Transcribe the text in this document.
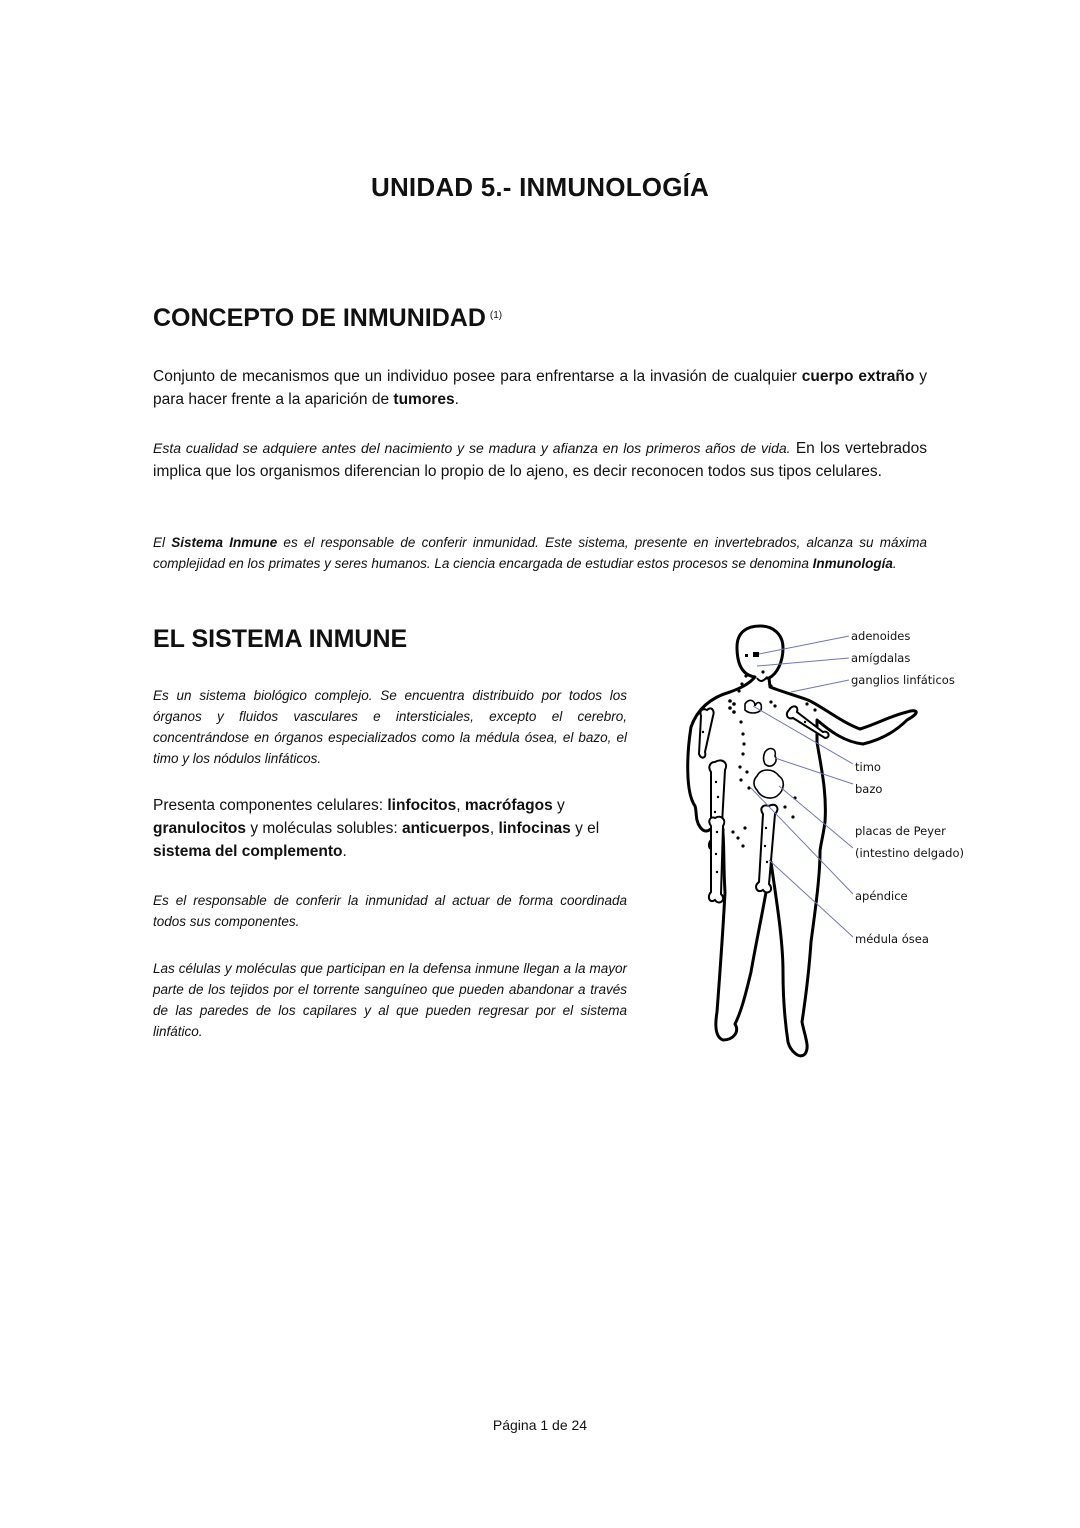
UNIDAD 5.- INMUNOLOGÍA
CONCEPTO DE INMUNIDAD $^{(1)}$

Conjunto de mecanismos que un individuo posee para enfrentarse a la invasión de cualquier cuerpo extraño y para hacer frente a la aparición de tumores.

Esta cualidad se adquiere antes del nacimiento y se madura y afianza en los primeros años de vida. En los vertebrados implica que los organismos diferencian lo propio de lo ajeno, es decir reconocen todos sus tipos celulares.

El Sistema Inmune es el responsable de conferir inmunidad. Este sistema, presente en invertebrados, alcanza su máxima complejidad en los primates y seres humanos. La ciencia encargada de estudiar estos procesos se denomina Inmunología.

EL SISTEMA INMUNE

Es un sistema biológico complejo. Se encuentra distribuido por todos los órganos y fluidos vasculares e intersticiales, excepto el cerebro, concentrándose en órganos especializados como la médula ósea, el bazo, el timo y los nódulos linfáticos.

Presenta componentes celulares: linfocitos, macrófagos y granulocitos y moléculas solubles: anticuerpos, linfocinas y el sistema del complemento.

Es el responsable de conferir la inmunidad al actuar de forma coordinada todos sus componentes.

Las células y moléculas que participan en la defensa inmune llegan a la mayor parte de los tejidos por el torrente sanguíneo que pueden abandonar a través de las paredes de los capilares y al que pueden regresar por el sistema linfático.

adenoides
amígdalas
ganglios linfáticos
timo
bazo
placas de Peyer
(intestino delgado)
apéndice
médula ósea
Página 1 de 24
